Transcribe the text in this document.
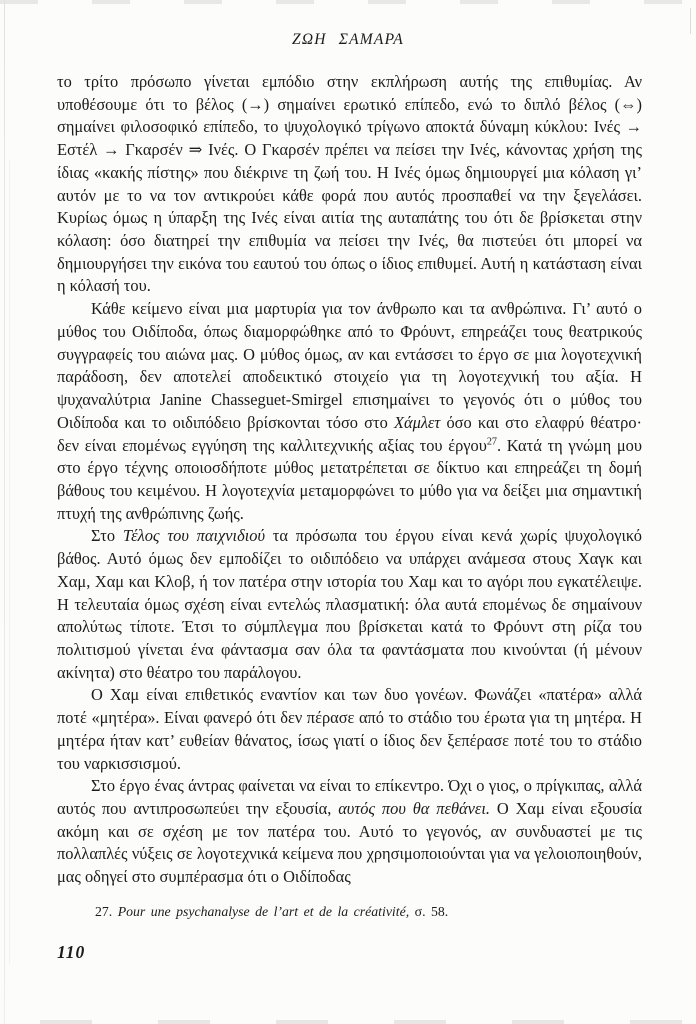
ΖΩΗ ΣΑΜΑΡΑ

το τρίτο πρόσωπο γίνεται εμπόδιο στην εκπλήρωση αυτής της επιθυμίας. Αν υποθέσουμε ότι το βέλος (→) σημαίνει ερωτικό επίπεδο, ενώ το διπλό βέλος (⇔) σημαίνει φιλοσοφικό επίπεδο, το ψυχολογικό τρίγωνο αποκτά δύναμη κύκλου: Ινές → Εστέλ → Γκαρσέν ⇒ Ινές. Ο Γκαρσέν πρέπει να πείσει την Ινές, κάνοντας χρήση της ίδιας «κακής πίστης» που διέκρινε τη ζωή του. Η Ινές όμως δημιουργεί μια κόλαση γι’ αυτόν με το να τον αντικρούει κάθε φορά που αυτός προσπαθεί να την ξεγελάσει. Κυρίως όμως η ύπαρξη της Ινές είναι αιτία της αυταπάτης του ότι δε βρίσκεται στην κόλαση: όσο διατηρεί την επιθυμία να πείσει την Ινές, θα πιστεύει ότι μπορεί να δημιουργήσει την εικόνα του εαυτού του όπως ο ίδιος επιθυμεί. Αυτή η κατάσταση είναι η κόλασή του.

Κάθε κείμενο είναι μια μαρτυρία για τον άνθρωπο και τα ανθρώπινα. Γι’ αυτό ο μύθος του Οιδίποδα, όπως διαμορφώθηκε από το Φρόυντ, επηρεάζει τους θεατρικούς συγγραφείς του αιώνα μας. Ο μύθος όμως, αν και εντάσσει το έργο σε μια λογοτεχνική παράδοση, δεν αποτελεί αποδεικτικό στοιχείο για τη λογοτεχνική του αξία. Η ψυχαναλύτρια Janine Chasseguet-Smirgel επισημαίνει το γεγονός ότι ο μύθος του Οιδίποδα και το οιδιπόδειο βρίσκονται τόσο στο Χάμλετ όσο και στο ελαφρύ θέατρο· δεν είναι επομένως εγγύηση της καλλιτεχνικής αξίας του έργου$^{27}$. Κατά τη γνώμη μου στο έργο τέχνης οποιοσδήποτε μύθος μετατρέπεται σε δίκτυο και επηρεάζει τη δομή βάθους του κειμένου. Η λογοτεχνία μεταμορφώνει το μύθο για να δείξει μια σημαντική πτυχή της ανθρώπινης ζωής.

Στο Τέλος του παιχνιδιού τα πρόσωπα του έργου είναι κενά χωρίς ψυχολογικό βάθος. Αυτό όμως δεν εμποδίζει το οιδιπόδειο να υπάρχει ανάμεσα στους Χαγκ και Χαμ, Χαμ και Κλοβ, ή τον πατέρα στην ιστορία του Χαμ και το αγόρι που εγκατέλειψε. Η τελευταία όμως σχέση είναι εντελώς πλασματική: όλα αυτά επομένως δε σημαίνουν απολύτως τίποτε. Έτσι το σύμπλεγμα που βρίσκεται κατά το Φρόυντ στη ρίζα του πολιτισμού γίνεται ένα φάντασμα σαν όλα τα φαντάσματα που κινούνται (ή μένουν ακίνητα) στο θέατρο του παράλογου.

Ο Χαμ είναι επιθετικός εναντίον και των δυο γονέων. Φωνάζει «πατέρα» αλλά ποτέ «μητέρα». Είναι φανερό ότι δεν πέρασε από το στάδιο του έρωτα για τη μητέρα. Η μητέρα ήταν κατ’ ευθείαν θάνατος, ίσως γιατί ο ίδιος δεν ξεπέρασε ποτέ του το στάδιο του ναρκισσισμού.

Στο έργο ένας άντρας φαίνεται να είναι το επίκεντρο. Όχι ο γιος, ο πρίγκιπας, αλλά αυτός που αντιπροσωπεύει την εξουσία, αυτός που θα πεθάνει. Ο Χαμ είναι εξουσία ακόμη και σε σχέση με τον πατέρα του. Αυτό το γεγονός, αν συνδυαστεί με τις πολλαπλές νύξεις σε λογοτεχνικά κείμενα που χρησιμοποιούνται για να γελοιοποιηθούν, μας οδηγεί στο συμπέρασμα ότι ο Οιδίποδας

27. Pour une psychanalyse de l’art et de la créativité, σ. 58.
110
